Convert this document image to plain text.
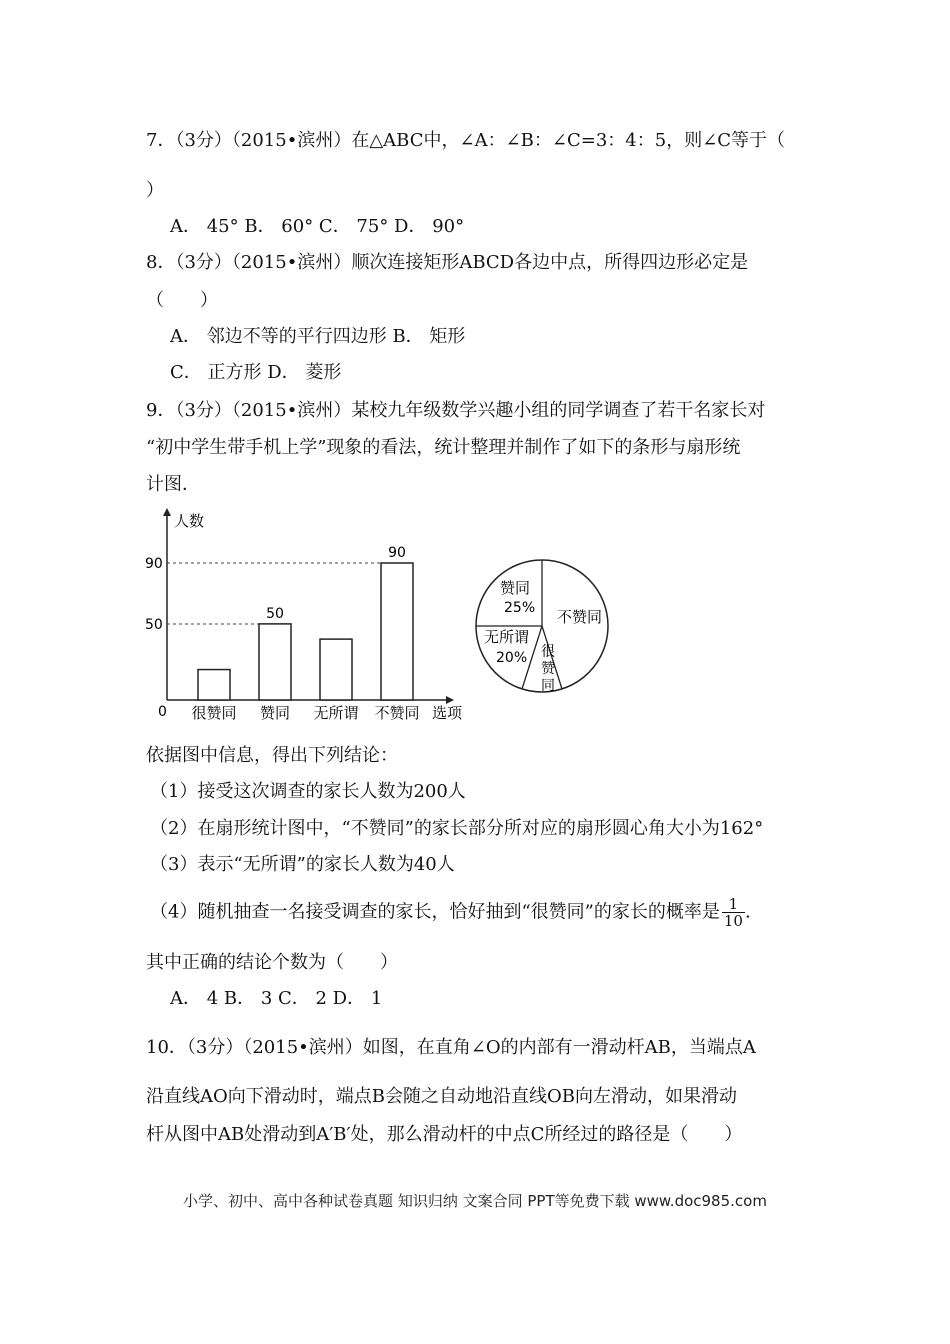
7．（3分）（2015•滨州）在△ABC中，∠A：∠B：∠C=3：4：5，则∠C等于（
）
A． 45° B． 60° C． 75° D． 90°
8．（3分）（2015•滨州）顺次连接矩形ABCD各边中点，所得四边形必定是
（　　）
A． 邻边不等的平行四边形 B． 矩形
C． 正方形 D． 菱形
9．（3分）（2015•滨州）某校九年级数学兴趣小组的同学调查了若干名家长对
“初中学生带手机上学”现象的看法，统计整理并制作了如下的条形与扇形统
计图．
人数
选项
0
50
90
很赞同 赞同
50
无所谓 不赞同
90
赞同
25% 不赞同
无所谓
20% 很
赞
同
依据图中信息，得出下列结论：
（1）接受这次调查的家长人数为200人
（2）在扇形统计图中，“不赞同”的家长部分所对应的扇形圆心角大小为162°
（3）表示“无所谓”的家长人数为40人
（4）随机抽查一名接受调查的家长，恰好抽到“很赞同”的家长的概率是 $\frac{1}{10}$ .
其中正确的结论个数为（　　）
A． 4 B． 3 C． 2 D． 1
10．（3分）（2015•滨州）如图，在直角∠O的内部有一滑动杆AB，当端点A
沿直线AO向下滑动时，端点B会随之自动地沿直线OB向左滑动，如果滑动
杆从图中AB处滑动到A′B′处，那么滑动杆的中点C所经过的路径是（　　）
小学、初中、高中各种试卷真题 知识归纳 文案合同 PPT等免费下载 www.doc985.com
